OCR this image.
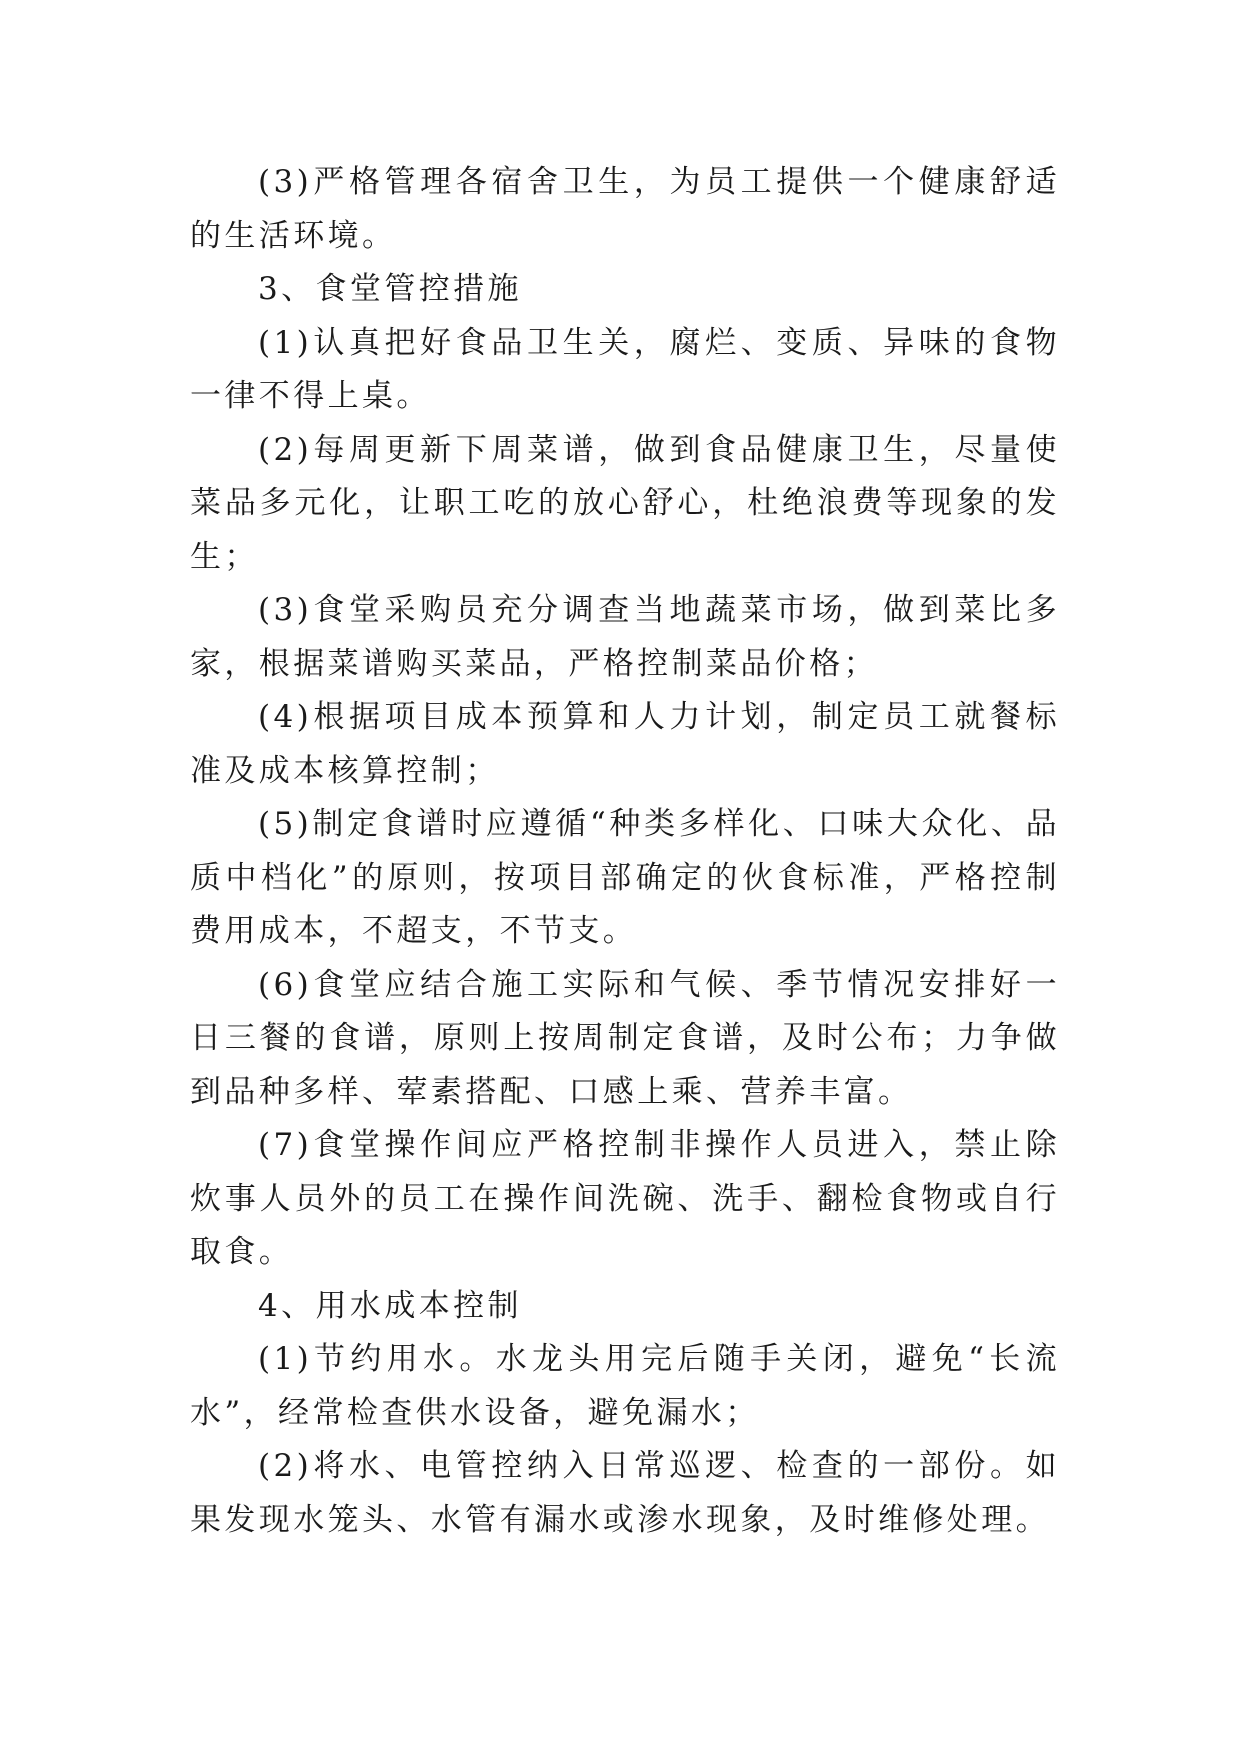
(3)严格管理各宿舍卫生，为员工提供一个健康舒适的生活环境。

3、食堂管控措施

(1)认真把好食品卫生关，腐烂、变质、异味的食物一律不得上桌。

(2)每周更新下周菜谱，做到食品健康卫生，尽量使菜品多元化，让职工吃的放心舒心，杜绝浪费等现象的发生；

(3)食堂采购员充分调查当地蔬菜市场，做到菜比多家，根据菜谱购买菜品，严格控制菜品价格；

(4)根据项目成本预算和人力计划，制定员工就餐标准及成本核算控制；

(5)制定食谱时应遵循“种类多样化、口味大众化、品质中档化”的原则，按项目部确定的伙食标准，严格控制费用成本，不超支，不节支。

(6)食堂应结合施工实际和气候、季节情况安排好一日三餐的食谱，原则上按周制定食谱，及时公布；力争做到品种多样、荤素搭配、口感上乘、营养丰富。

(7)食堂操作间应严格控制非操作人员进入，禁止除炊事人员外的员工在操作间洗碗、洗手、翻检食物或自行取食。

4、用水成本控制

(1)节约用水。水龙头用完后随手关闭，避免“长流水”，经常检查供水设备，避免漏水；

(2)将水、电管控纳入日常巡逻、检查的一部份。如果发现水笼头、水管有漏水或渗水现象，及时维修处理。
